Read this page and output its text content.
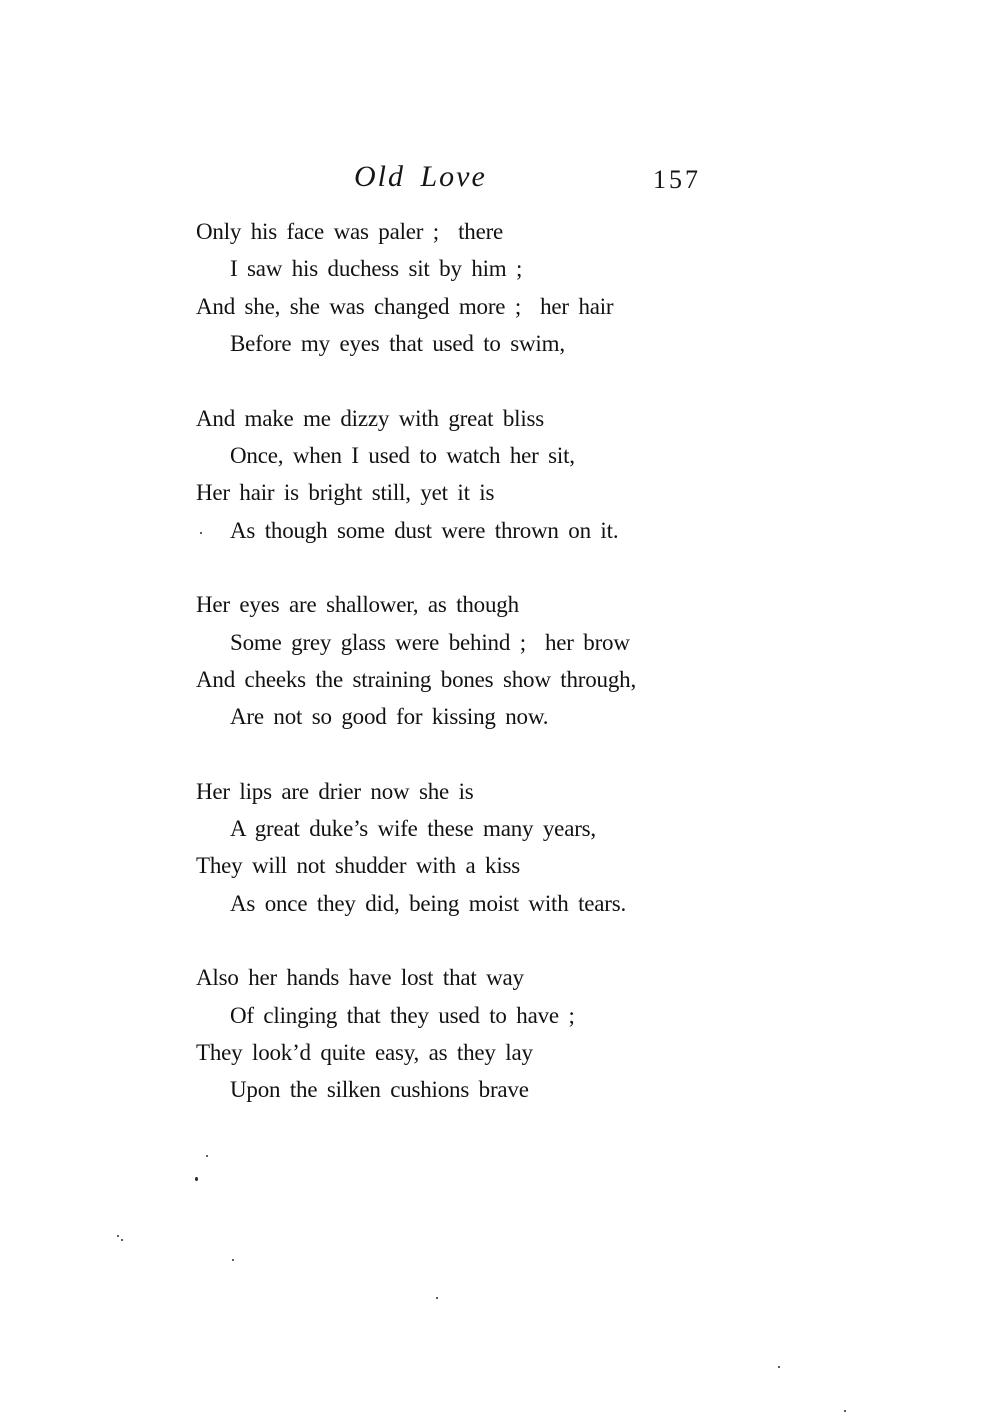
Old Love	157
Only his face was paler ;  there
I saw his duchess sit by him ;
And she, she was changed more ;  her hair
Before my eyes that used to swim,
And make me dizzy with great bliss
Once, when I used to watch her sit,
Her hair is bright still, yet it is
As though some dust were thrown on it.
Her eyes are shallower, as though
Some grey glass were behind ;  her brow
And cheeks the straining bones show through,
Are not so good for kissing now.
Her lips are drier now she is
A great duke’s wife these many years,
They will not shudder with a kiss
As once they did, being moist with tears.
Also her hands have lost that way
Of clinging that they used to have ;
They look’d quite easy, as they lay
Upon the silken cushions brave
